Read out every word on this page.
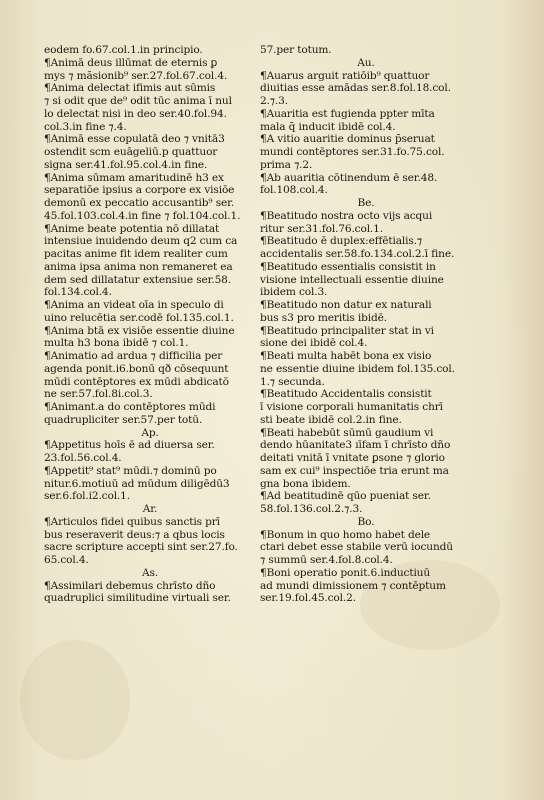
eodem fo.67.col.1.in principio.
¶Animā deus illūmat de eternis ꝑ
mys ⁊ mãsionib⁹ ser.27.fol.67.col.4.
¶Anima delectat ifimis aut sūmis
⁊ si odit que de⁹ odit tūc anima ī nul
lo delectat nisi in deo ser.40.fol.94.
col.3.in fine ⁊.4.
¶Animā esse copulatā deo ⁊ vnitā3
ostendit scm euāgeliū.p quattuor
signa ser.41.fol.95.col.4.in fine.
¶Anima sūmam amaritudinē h3 ex
separatiōe ipsius a corpore ex visiōe
demonū ex peccatio accusantib⁹ ser.
45.fol.103.col.4.in fine ⁊ fol.104.col.1.
¶Anime beate potentia nō dillataṫ
intensiue inuidendo deum q2 cum ca
pacitas anime fit idem realiter cum
anima ipsa anima non remaneret ea
dem sed dillatatur extensiue ser.58.
fol.134.col.4.
¶Anima an videat oīa in speculo di
uino relucētia ser.codē fol.135.col.1.
¶Anima btā ex visiōe essentie diuine
multa h3 bona ibidē ⁊ col.1.
¶Animatio ad ardua ⁊ difficilia per
agenda ponit.i6.bonū qð cōsequunt
mūdi contēptores ex mūdi abdicatō
ne ser.57.fol.8i.col.3.
¶Animant.a do contēptores mūdi
quadrupliciter ser.57.per totū.
Ap.
¶Appetitus hoīs ē ad diuersa ser.
23.fol.56.col.4.
¶Appetit⁹ stat⁹ mūdi.⁊ dominū po
nitur.6.motiuū ad mūdum diligēdū3
ser.6.fol.i2.col.1.
Ar.
¶Articulos fidei quibus sanctis prī
bus reseraverit deus:⁊ a qbus locis
sacre scripture accepti sint ser.27.fo.
65.col.4.
As.
¶Assimilari debemus chrīsto dño
quadruplici similitudine virtuali ser.
57.per totum.
Au.
¶Auarus arguit ratiōib⁹ quattuor
diuitias esse amādas ser.8.fol.18.col.
2.⁊.3.
¶Auaritia est fugienda ppter mīta
mala q̄ inducit ibidē col.4.
¶A vitio auaritie dominus p̄seruat
mundi contēptores ser.31.fo.75.col.
prima ⁊.2.
¶Ab auaritia cōtinendum ē ser.48.
fol.108.col.4.
Be.
¶Beatitudo nostra octo vijs acqui
ritur ser.31.fol.76.col.1.
¶Beatitudo ē duplex:effētialis.⁊
accidentalis ser.58.fo.134.col.2.ī fine.
¶Beatitudo essentialis consistit in
visione intellectuali essentie diuine
ibidem col.3.
¶Beatitudo non datur ex naturali
bus s3 pro meritis ibidē.
¶Beatitudo principaliter stat in vi
sione dei ibidē col.4.
¶Beati multa habēt bona ex visio
ne essentie diuine ibidem fol.135.col.
1.⁊ secunda.
¶Beatitudo Accidentalis consistit
ī visione corporali humanitatis chrī
sti beate ibidē col.2.in fine.
¶Beati habebūt sūmū gaudium vi
dendo hūanitate3 ıīfam ī chrīsto dño
deitati vnitā ī vnitate ꝑsone ⁊ glorio
sam ex cui⁹ inspectiōe tria erunt ma
gna bona ibidem.
¶Ad beatitudinē qūo pueniat ser.
58.fol.136.col.2.⁊.3.
Bo.
¶Bonum in quo homo habet dele
ctari debet esse stabile verū iocundū
⁊ summū ser.4.fol.8.col.4.
¶Boni operatio ponit.6.inductiuū
ad mundi dimissionem ⁊ contēptum
ser.19.fol.45.col.2.
